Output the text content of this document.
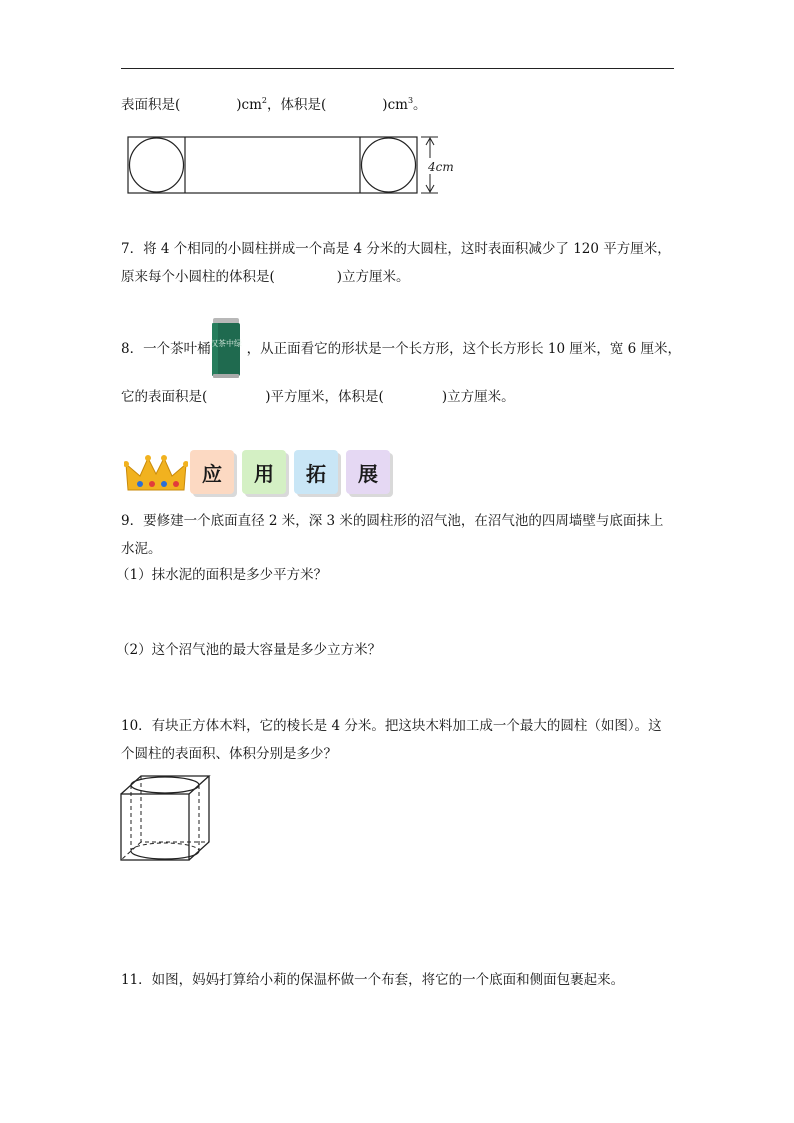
表面积是(	)$cm^2$，体积是(	)$cm^3$。
4cm
7．将 4 个相同的小圆柱拼成一个高是 4 分米的大圆柱，这时表面积减少了 120 平方厘米，
原来每个小圆柱的体积是(	)立方厘米。
8．一个茶叶桶	，从正面看它的形状是一个长方形，这个长方形长 10 厘米，宽 6 厘米，
汉茶中绿
它的表面积是(	)平方厘米，体积是(	)立方厘米。
应	用	拓	展
9．要修建一个底面直径 2 米，深 3 米的圆柱形的沼气池，在沼气池的四周墙壁与底面抹上
水泥。
（1）抹水泥的面积是多少平方米？
（2）这个沼气池的最大容量是多少立方米？
10．有块正方体木料，它的棱长是 4 分米。把这块木料加工成一个最大的圆柱（如图）。这
个圆柱的表面积、体积分别是多少？
11．如图，妈妈打算给小莉的保温杯做一个布套，将它的一个底面和侧面包裹起来。
